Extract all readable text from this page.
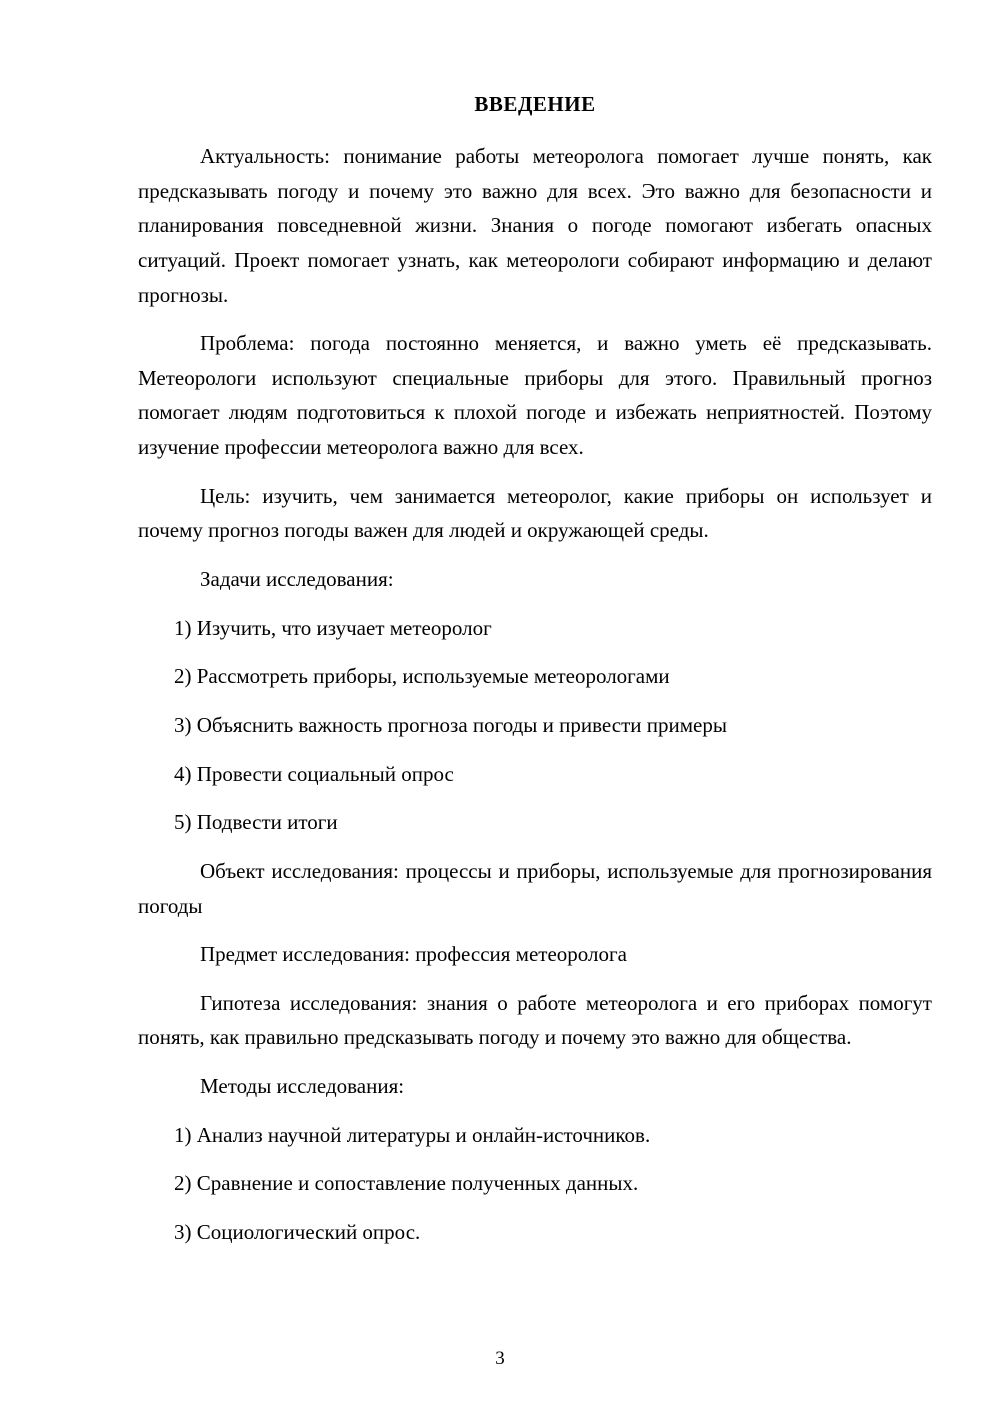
ВВЕДЕНИЕ

Актуальность: понимание работы метеоролога помогает лучше понять, как предсказывать погоду и почему это важно для всех. Это важно для безопасности и планирования повседневной жизни. Знания о погоде помогают избегать опасных ситуаций. Проект помогает узнать, как метеорологи собирают информацию и делают прогнозы.

Проблема: погода постоянно меняется, и важно уметь её предсказывать. Метеорологи используют специальные приборы для этого. Правильный прогноз помогает людям подготовиться к плохой погоде и избежать неприятностей. Поэтому изучение профессии метеоролога важно для всех.

Цель: изучить, чем занимается метеоролог, какие приборы он использует и почему прогноз погоды важен для людей и окружающей среды.

Задачи исследования:

1) Изучить, что изучает метеоролог

2) Рассмотреть приборы, используемые метеорологами

3) Объяснить важность прогноза погоды и привести примеры

4) Провести социальный опрос

5) Подвести итоги

Объект исследования: процессы и приборы, используемые для прогнозирования погоды

Предмет исследования: профессия метеоролога

Гипотеза исследования: знания о работе метеоролога и его приборах помогут понять, как правильно предсказывать погоду и почему это важно для общества.

Методы исследования:

1) Анализ научной литературы и онлайн-источников.

2) Сравнение и сопоставление полученных данных.

3) Социологический опрос.

3
